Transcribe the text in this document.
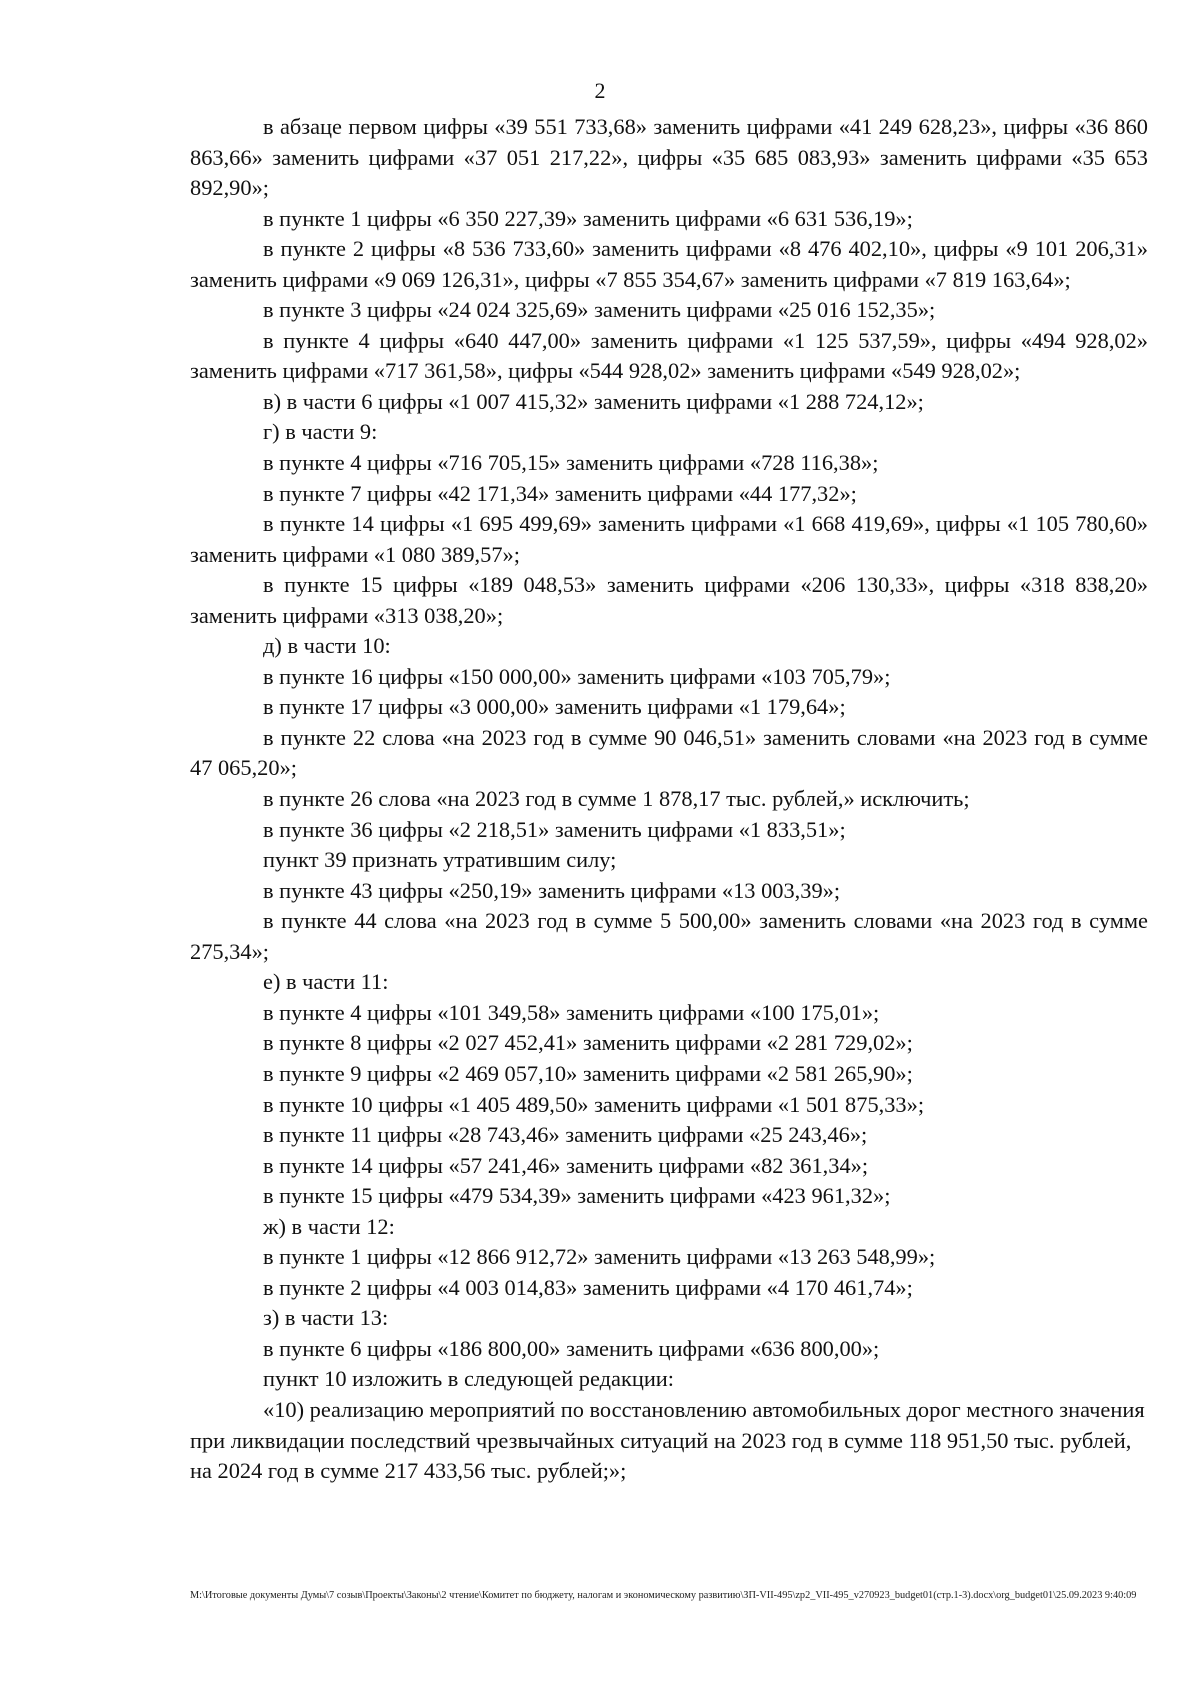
2

в абзаце первом цифры «39 551 733,68» заменить цифрами «41 249 628,23», цифры «36 860 863,66» заменить цифрами «37 051 217,22», цифры «35 685 083,93» заменить цифрами «35 653 892,90»;

в пункте 1 цифры «6 350 227,39» заменить цифрами «6 631 536,19»;

в пункте 2 цифры «8 536 733,60» заменить цифрами «8 476 402,10», цифры «9 101 206,31» заменить цифрами «9 069 126,31», цифры «7 855 354,67» заменить цифрами «7 819 163,64»;

в пункте 3 цифры «24 024 325,69» заменить цифрами «25 016 152,35»;

в пункте 4 цифры «640 447,00» заменить цифрами «1 125 537,59», цифры «494 928,02» заменить цифрами «717 361,58», цифры «544 928,02» заменить цифрами «549 928,02»;

в) в части 6 цифры «1 007 415,32» заменить цифрами «1 288 724,12»;

г) в части 9:

в пункте 4 цифры «716 705,15» заменить цифрами «728 116,38»;

в пункте 7 цифры «42 171,34» заменить цифрами «44 177,32»;

в пункте 14 цифры «1 695 499,69» заменить цифрами «1 668 419,69», цифры «1 105 780,60» заменить цифрами «1 080 389,57»;

в пункте 15 цифры «189 048,53» заменить цифрами «206 130,33», цифры «318 838,20» заменить цифрами «313 038,20»;

д) в части 10:

в пункте 16 цифры «150 000,00» заменить цифрами «103 705,79»;

в пункте 17 цифры «3 000,00» заменить цифрами «1 179,64»;

в пункте 22 слова «на 2023 год в сумме 90 046,51» заменить словами «на 2023 год в сумме 47 065,20»;

в пункте 26 слова «на 2023 год в сумме 1 878,17 тыс. рублей,» исключить;

в пункте 36 цифры «2 218,51» заменить цифрами «1 833,51»;

пункт 39 признать утратившим силу;

в пункте 43 цифры «250,19» заменить цифрами «13 003,39»;

в пункте 44 слова «на 2023 год в сумме 5 500,00» заменить словами «на 2023 год в сумме 275,34»;

е) в части 11:

в пункте 4 цифры «101 349,58» заменить цифрами «100 175,01»;

в пункте 8 цифры «2 027 452,41» заменить цифрами «2 281 729,02»;

в пункте 9 цифры «2 469 057,10» заменить цифрами «2 581 265,90»;

в пункте 10 цифры «1 405 489,50» заменить цифрами «1 501 875,33»;

в пункте 11 цифры «28 743,46» заменить цифрами «25 243,46»;

в пункте 14 цифры «57 241,46» заменить цифрами «82 361,34»;

в пункте 15 цифры «479 534,39» заменить цифрами «423 961,32»;

ж) в части 12:

в пункте 1 цифры «12 866 912,72» заменить цифрами «13 263 548,99»;

в пункте 2 цифры «4 003 014,83» заменить цифрами «4 170 461,74»;

з) в части 13:

в пункте 6 цифры «186 800,00» заменить цифрами «636 800,00»;

пункт 10 изложить в следующей редакции:

«10) реализацию мероприятий по восстановлению автомобильных дорог местного значения при ликвидации последствий чрезвычайных ситуаций на 2023 год в сумме 118 951,50 тыс. рублей, на 2024 год в сумме 217 433,56 тыс. рублей;»;

M:\Итоговые документы Думы\7 созыв\Проекты\Законы\2 чтение\Комитет по бюджету, налогам и экономическому развитию\ЗП-VII-495\zp2_VII-495_v270923_budget01(стр.1-3).docx\org_budget01\25.09.2023 9:40:09
